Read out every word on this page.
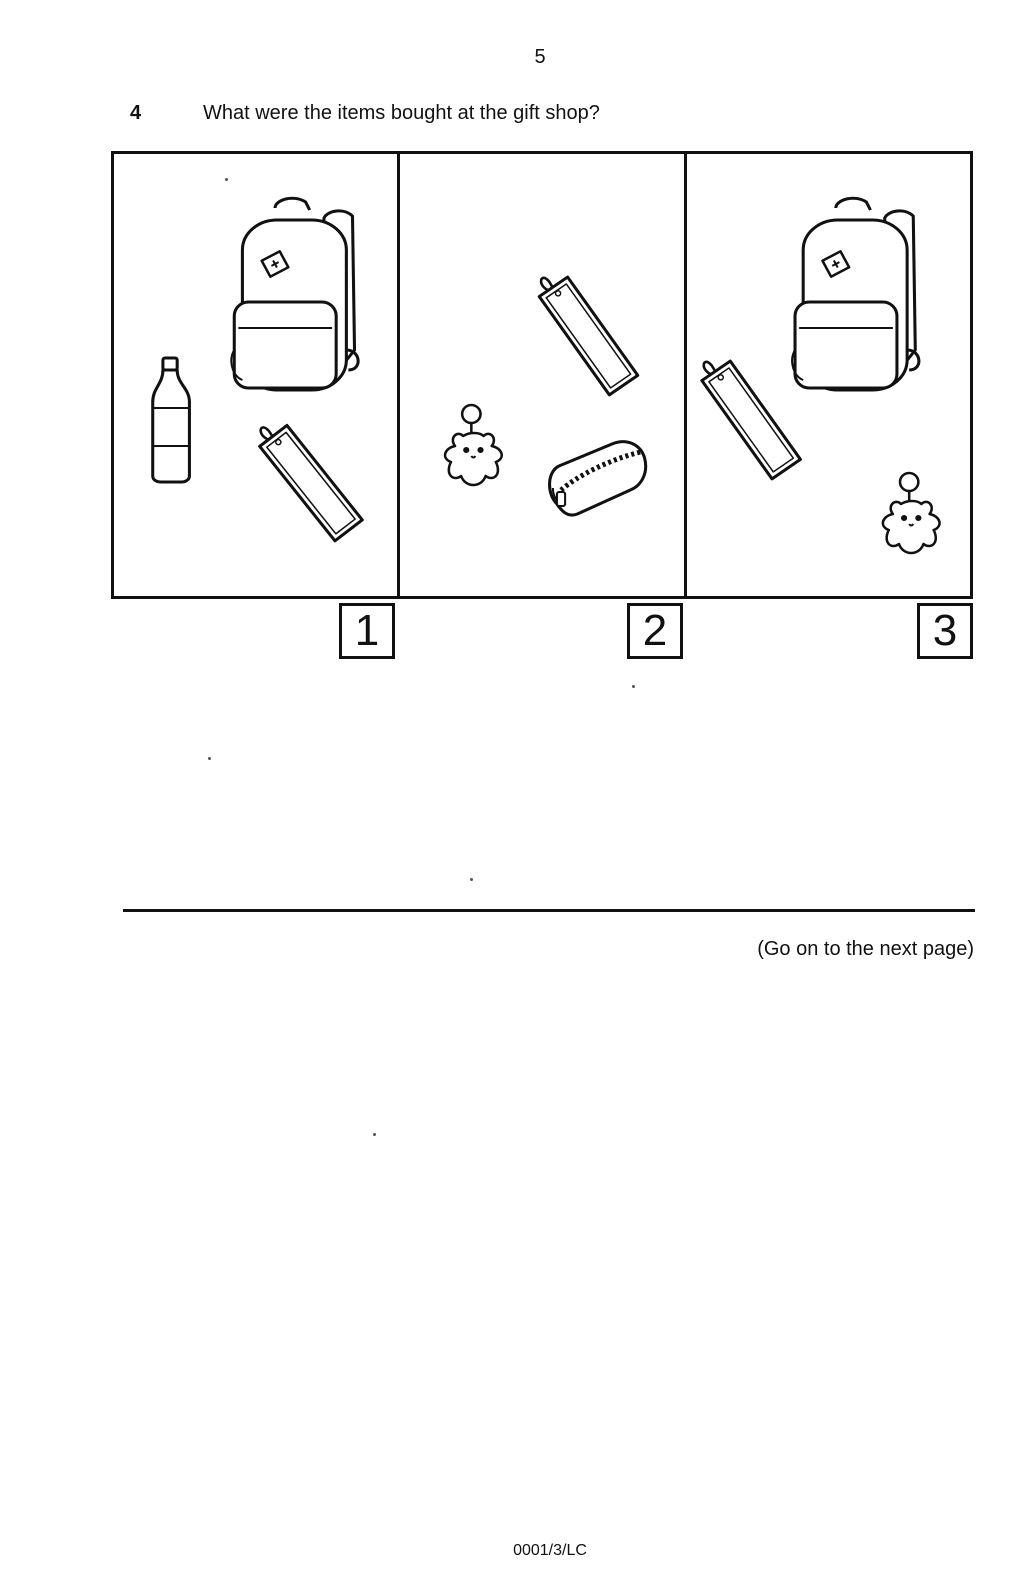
5
4	What were the items bought at the gift shop?
1	2	3
(Go on to the next page)
0001/3/LC
